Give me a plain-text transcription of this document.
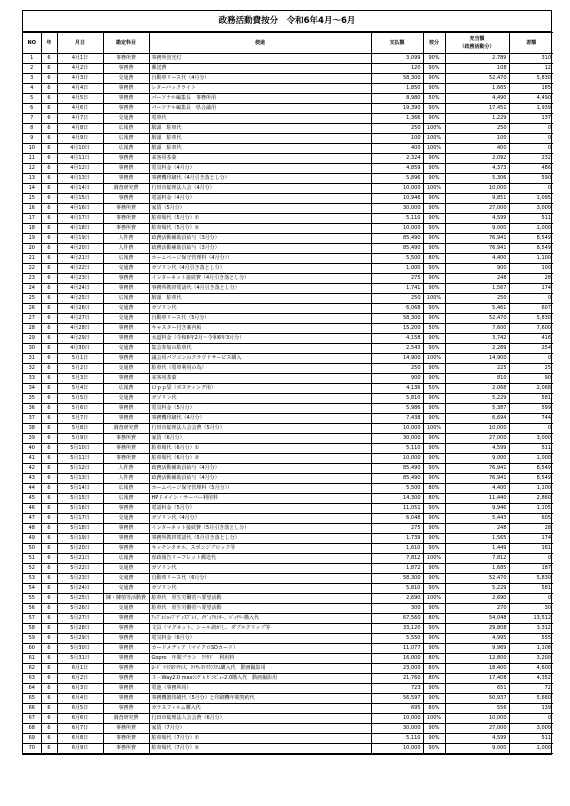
政務活動費按分　令和6年4月～6月
NO	年	月日	勘定科目	使途	支払額	按分	充当額
（政務活動分）	差額
1	6	4月1日	事務所費	事務所蛍光灯	3,099	90%	2,789	310
2	6	4月2日	事務費	郵送費	120	90%	108	12
3	6	4月3日	交通費	自動車リース代（4月分）	58,300	90%	52,470	5,830
4	6	4月4日	事務費	レターパックライト	1,850	90%	1,665	185
5	6	4月5日	事務費	パーソナル編集長　事務所用	8,980	50%	4,490	4,490
6	6	4月6日	事務費	パーソナル編集長　県会議用	19,390	90%	17,451	1,939
7	6	4月7日	交通費	電車代	1,366	90%	1,229	137
8	6	4月8日	広報費	駅頭　駐車代	250	100%	250	0
9	6	4月9日	広報費	駅頭　駐車代	100	100%	100	0
10	6	4月10日	広報費	駅頭　駐車代	400	100%	400	0
11	6	4月11日	事務費	来客用茶菓	2,324	90%	2,092	232
12	6	4月12日	事務費	電気料金（4月分）	4,859	90%	4,373	486
13	6	4月13日	事務費	事務機印刷代（4月引き落とし分）	5,896	90%	5,306	590
14	6	4月14日	調査研究費	行田市総理法人会（4月分）	10,000	100%	10,000	0
15	6	4月15日	事務費	電話料金（4月分）	10,946	90%	9,851	1,095
16	6	4月16日	事務所費	家賃（5月分）	30,000	90%	27,000	3,000
17	6	4月17日	事務所費	駐車場代（5月分）①	5,110	90%	4,599	511
18	6	4月18日	事務所費	駐車場代（5月分）②	10,000	90%	9,000	1,000
19	6	4月19日	人件費	政務活動補助員給与（3月分）	85,490	90%	76,941	8,549
20	6	4月20日	人件費	政務活動補助員給与（3月分）	85,490	90%	76,941	8,549
21	6	4月21日	広報費	ホームページ保守管理料（4月分））	5,500	80%	4,400	1,100
22	6	4月22日	交通費	ガソリン代（4月引き落とし分）	1,000	90%	900	100
23	6	4月23日	事務費	インターネット接続費（4月引き落とし分）	275	90%	248	28
24	6	4月24日	事務費	事務所携帯電話代（4月引き落とし分）	1,741	90%	1,567	174
25	6	4月25日	広報費	駅頭　駐車代	250	100%	250	0
26	6	4月26日	交通費	ガソリン代	6,068	90%	5,461	607
27	6	4月27日	交通費	自動車リース代（5月分）	58,300	90%	52,470	5,830
28	6	4月28日	事務費	キャスター付き案内板	15,200	50%	7,600	7,600
29	6	4月29日	事務費	水道料金（令和6年2月～令和6年3月分）	4,158	90%	3,742	416
30	6	4月30日	交通費	集会参加の駐車代	2,543	90%	2,289	254
31	6	5月1日	事務費	議会用パソコンのクラウドサービス購入	14,900	100%	14,900	0
32	6	5月2日	交通費	駐車代（電車利用の為）	250	90%	225	25
33	6	5月3日	事務費	来客用茶菓	900	90%	810	90
34	6	5月4日	広報費	Ｏｐｐ袋（ポスティング用）	4,136	50%	2,068	2,068
35	6	5月5日	交通費	ガソリン代	5,810	90%	5,229	581
36	6	5月6日	事務費	電気料金（5月分）	5,986	90%	5,387	599
37	6	5月7日	事務費	事務機印刷代（4月分）	7,438	90%	6,694	744
38	6	5月8日	調査研究費	行田市総理法人会会費（5月分）	10,000	100%	10,000	0
39	6	5月9日	事務所費	家賃（6月分）	30,000	90%	27,000	3,000
40	6	5月10日	事務所費	駐車場代（6月分）①	5,110	90%	4,599	511
41	6	5月11日	事務所費	駐車場代（6月分）②	10,000	90%	9,000	1,000
42	6	5月12日	人件費	政務活動補助員給与（4月分）	85,490	90%	76,941	8,549
43	6	5月13日	人件費	政務活動補助員給与（4月分）	85,490	90%	76,941	8,549
44	6	5月14日	広報費	ホームページ保守管理料（5月分））	5,500	80%	4,400	1,100
45	6	5月15日	広報費	HPドメイン・サーバー利用料	14,300	80%	11,440	2,860
46	6	5月16日	事務費	電話料金（5月分）	11,051	90%	9,946	1,105
47	6	5月17日	交通費	ガソリン代（4月分）	6,048	90%	5,443	605
48	6	5月18日	事務費	インターネット接続費（5月引き落とし分）	275	90%	248	28
49	6	5月19日	事務費	事務所携帯電話代（5月引き落とし分）	1,739	90%	1,565	174
50	6	5月20日	事務費	キッチンタオル、スポンジブロック等	1,610	90%	1,449	161
51	6	5月21日	広報費	県政報告リーフレット郵送代	7,812	100%	7,812	0
52	6	5月22日	交通費	ガソリン代	1,872	90%	1,685	187
53	6	5月23日	交通費	自動車リース代（6月分）	58,300	90%	52,470	5,830
54	6	5月24日	交通費	ガソリン代	5,810	90%	5,229	581
55	6	5月25日	陳・陳情等活動費	駐車代　厚生労働省へ要望活動	2,690	100%	2,690	0
56	6	5月26日	交通費	駐車代　厚生労働省へ要望活動	300	90%	270	30
57	6	5月27日	事務費	ｱｯﾌﾟﾙｼｮｯﾌﾟﾃﾞｨｽﾌﾟﾚｲ、ﾒﾃﾞｨｱｾﾝﾀｰ、ﾊﾞｯﾃﾘｰ購入代	67,560	80%	54,048	13,512
58	6	5月28日	事務費	文具（マグネット、シール剥がし、ダブルクリップ等	33,120	90%	29,808	3,312
59	6	5月29日	事務費	電気料金（6月分）	5,550	90%	4,995	555
60	6	5月30日	事務費	カードメディア（マイクロSDカード）	11,077	90%	9,969	1,108
61	6	5月31日	事務費	Gopro　年間プラン　ｸﾗｳﾄﾞ　利用料	16,000	80%	12,800	3,200
62	6	6月1日	事務費	ﾛｰﾄﾞ ﾏｲｸﾛﾜｲﾔﾚｽ、ﾜｲﾔﾚｽﾏｲｸｼｽﾃﾑ購入代　動画撮影用	23,000	80%	18,400	4,600
63	6	6月2日	事務費	３－Way2.0 maxｼﾝｸﾞﾙ ｾﾞﾝﾋﾞｭｰ2.0購入代　動画撮影用	21,760	80%	17,408	4,352
64	6	6月3日	事務費	電池（事務所用）	723	90%	651	72
65	6	6月4日	事務費	事務機器印刷代（5月分）と印刷機年間契約代	56,597	90%	50,937	5,660
66	6	6月5日	事務費	ガラスフィルム購入代	695	80%	556	139
67	6	6月6日	調査研究費	行田市総理法人会会費（6月分）	10,000	100%	10,000	0
68	6	6月7日	事務所費	家賃（7月分）	30,000	90%	27,000	3,000
69	6	6月8日	事務所費	駐車場代（7月分）①	5,110	90%	4,599	511
70	6	6月9日	事務所費	駐車場代（7月分）②	10,000	90%	9,000	1,000
